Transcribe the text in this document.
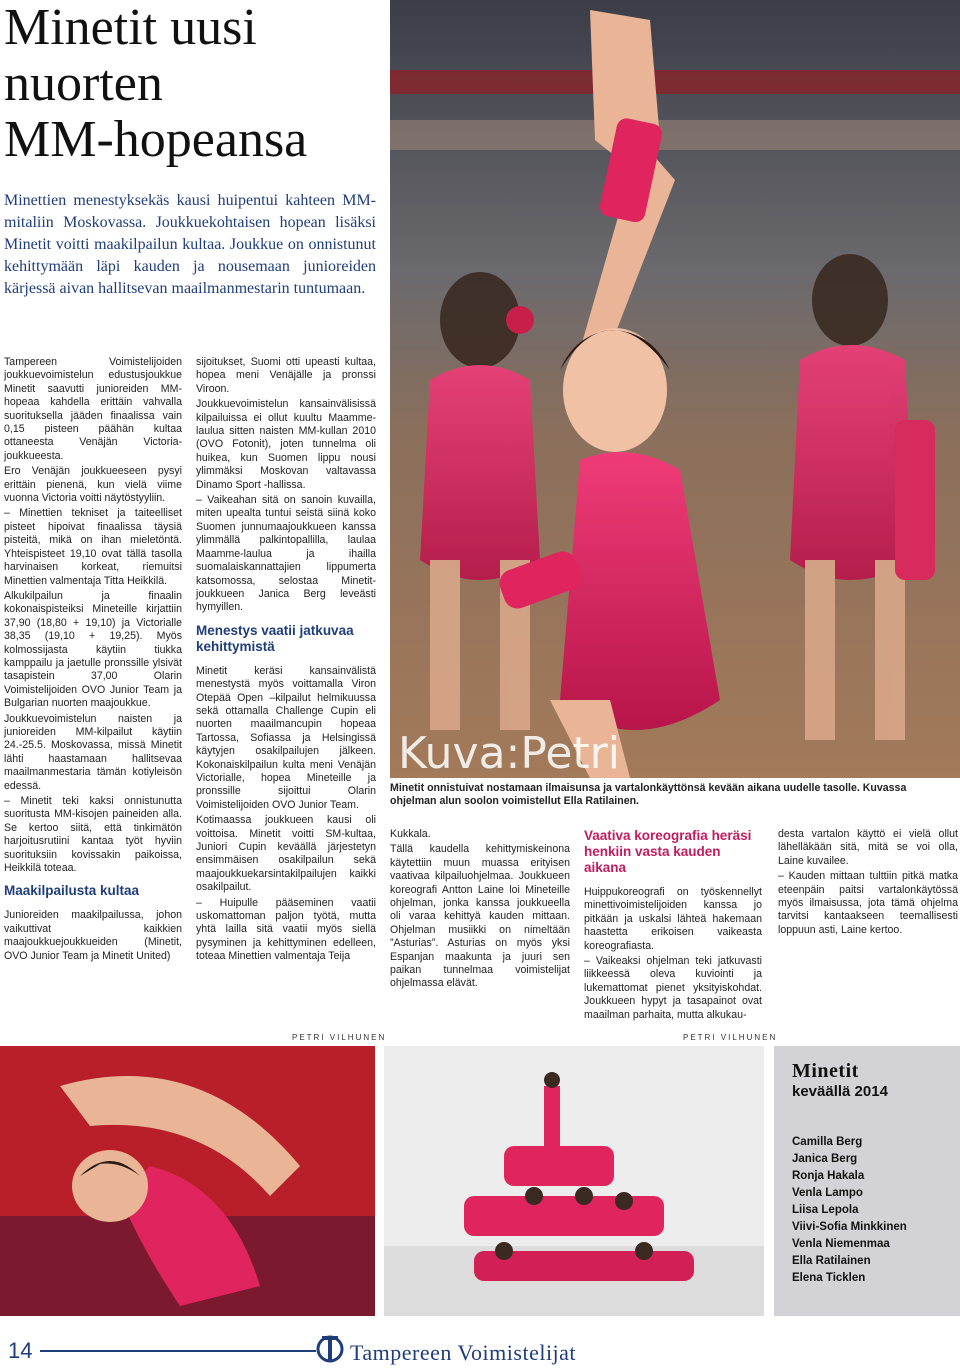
Minetit uusi
nuorten
MM-hopeansa

Minettien menestyksekäs kausi huipentui kahteen MM-mitaliin Moskovassa. Joukkuekohtaisen hopean lisäksi Minetit voitti maakilpailun kultaa. Joukkue on onnistunut kehittymään läpi kauden ja nousemaan junioreiden kärjessä aivan hallitsevan maailmanmestarin tuntumaan.

Tampereen Voimistelijoiden joukkuevoimistelun edustusjoukkue Minetit saavutti junioreiden MM-hopeaa kahdella erittäin vahvalla suorituksella jääden finaalissa vain 0,15 pisteen päähän kultaa ottaneesta Venäjän Victoria-joukkueesta.

Ero Venäjän joukkueeseen pysyi erittäin pienenä, kun vielä viime vuonna Victoria voitti näytöstyyliin.

– Minettien tekniset ja taiteelliset pisteet hipoivat finaalissa täysiä pisteitä, mikä on ihan mieletöntä. Yhteispisteet 19,10 ovat tällä tasolla harvinaisen korkeat, riemuitsi Minettien valmentaja Titta Heikkilä.

Alkukilpailun ja finaalin kokonaispisteiksi Mineteille kirjattiin 37,90 (18,80 + 19,10) ja Victorialle 38,35 (19,10 + 19,25). Myös kolmossijasta käytiin tiukka kamppailu ja jaetulle pronssille ylsivät tasapistein 37,00 Olarin Voimistelijoiden OVO Junior Team ja Bulgarian nuorten maajoukkue.

Joukkuevoimistelun naisten ja junioreiden MM-kilpailut käytiin 24.-25.5. Moskovassa, missä Minetit lähti haastamaan hallitsevaa maailmanmestaria tämän kotiyleisön edessä.

– Minetit teki kaksi onnistunutta suoritusta MM-kisojen paineiden alla. Se kertoo siitä, että tinkimätön harjoitusrutiini kantaa työt hyviin suorituksiin kovissakin paikoissa, Heikkilä toteaa.

Maakilpailusta kultaa

Junioreiden maakilpailussa, johon vaikuttivat kaikkien maajoukkuejoukkueiden (Minetit, OVO Junior Team ja Minetit United)

sijoitukset, Suomi otti upeasti kultaa, hopea meni Venäjälle ja pronssi Viroon.

Joukkuevoimistelun kansainvälisissä kilpailuissa ei ollut kuultu Maamme-laulua sitten naisten MM-kullan 2010 (OVO Fotonit), joten tunnelma oli huikea, kun Suomen lippu nousi ylimmäksi Moskovan valtavassa Dinamo Sport -hallissa.

– Vaikeahan sitä on sanoin kuvailla, miten upealta tuntui seistä siinä koko Suomen junnumaajoukkueen kanssa ylimmällä palkintopallilla, laulaa Maamme-laulua ja ihailla suomalaiskannattajien lippumerta katsomossa, selostaa Minetit-joukkueen Janica Berg leveästi hymyillen.

Menestys vaatii jatkuvaa kehittymistä

Minetit keräsi kansainvälistä menestystä myös voittamalla Viron Otepää Open –kilpailut helmikuussa sekä ottamalla Challenge Cupin eli nuorten maailmancupin hopeaa Tartossa, Sofiassa ja Helsingissä käytyjen osakilpailujen jälkeen. Kokonaiskilpailun kulta meni Venäjän Victorialle, hopea Mineteille ja pronssille sijoittui Olarin Voimistelijoiden OVO Junior Team.

Kotimaassa joukkueen kausi oli voittoisa. Minetit voitti SM-kultaa, Juniori Cupin keväällä järjestetyn ensimmäisen osakilpailun sekä maajoukkuekarsintakilpailujen kaikki osakilpailut.

– Huipulle pääseminen vaatii uskomattoman paljon työtä, mutta yhtä lailla sitä vaatii myös siellä pysyminen ja kehittyminen edelleen, toteaa Minettien valmentaja Teija

Kuva:Petri

Minetit onnistuivat nostamaan ilmaisunsa ja vartalonkäyttönsä kevään aikana uudelle tasolle. Kuvassa ohjelman alun soolon voimistellut Ella Ratilainen.

Kukkala.

Tällä kaudella kehittymiskeinona käytettiin muun muassa erityisen vaativaa kilpailuohjelmaa. Joukkueen koreografi Antton Laine loi Mineteille ohjelman, jonka kanssa joukkueella oli varaa kehittyä kauden mittaan. Ohjelman musiikki on nimeltään ”Asturias”. Asturias on myös yksi Espanjan maakunta ja juuri sen paikan tunnelmaa voimistelijat ohjelmassa elävät.

Vaativa koreografia heräsi henkiin vasta kauden aikana

Huippukoreografi on työskennellyt minettivoimistelijoiden kanssa jo pitkään ja uskalsi lähteä hakemaan haastetta erikoisen vaikeasta koreografiasta.

– Vaikeaksi ohjelman teki jatkuvasti liikkeessä oleva kuviointi ja lukemattomat pienet yksityiskohdat. Joukkueen hypyt ja tasapainot ovat maailman parhaita, mutta alkukau-

desta vartalon käyttö ei vielä ollut lähelläkään sitä, mitä se voi olla, Laine kuvailee.

– Kauden mittaan tulttiin pitkä matka eteenpäin paitsi vartalonkäytössä myös ilmaisussa, jota tämä ohjelma tarvitsi kantaakseen teemallisesti loppuun asti, Laine kertoo.

PETRI VILHUNEN	PETRI VILHUNEN
Minetit
keväällä 2014
Camilla Berg
Janica Berg
Ronja Hakala
Venla Lampo
Liisa Lepola
Viivi-Sofia Minkkinen
Venla Niemenmaa
Ella Ratilainen
Elena Ticklen
14	Tampereen Voimistelijat
